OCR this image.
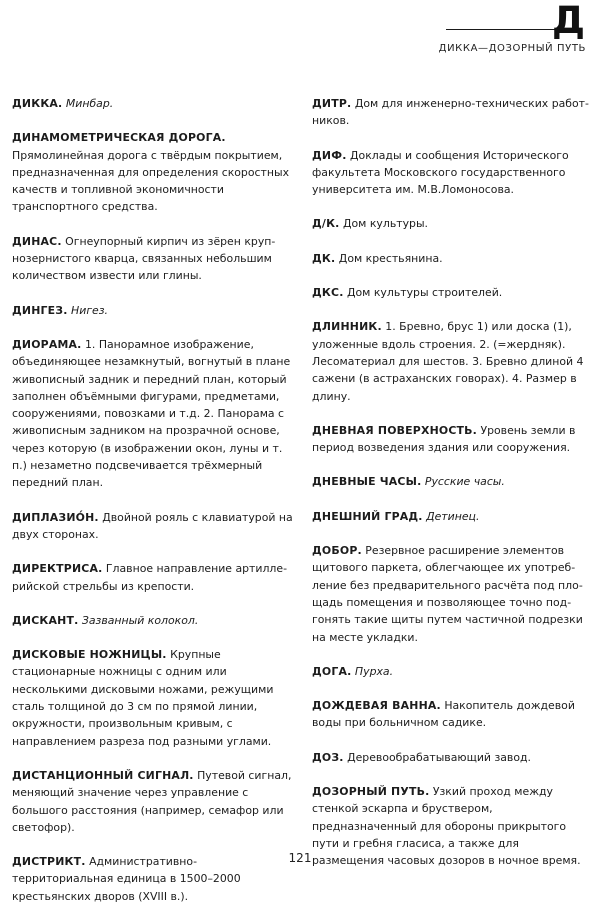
Д
ДИККА—ДОЗОРНЫЙ ПУТЬ

ДИККА. Минбар.

ДИНАМОМЕТРИЧЕСКАЯ ДОРОГА. Прямолинейная дорога с твёрдым покрытием, предназначенная для определения скоростных качеств и топливной экономичности транспортного средства.

ДИНАС. Огнеупорный кирпич из зёрен крупнозернистого кварца, связанных небольшим количеством извести или глины.

ДИНГЕЗ. Нигез.

ДИОРАМА. 1. Панорамное изображение, объединяющее незамкнутый, вогнутый в плане живописный задник и передний план, который заполнен объёмными фигурами, предметами, сооружениями, повозками и т.д. 2. Панорама с живописным задником на прозрачной основе, через которую (в изображении окон, луны и т. п.) незаметно подсвечивается трёхмерный передний план.

ДИПЛАЗИО́Н. Двойной рояль с клавиатурой на двух сторонах.

ДИРЕКТРИСА. Главное направление артиллерийской стрельбы из крепости.

ДИСКАНТ. Зазванный колокол.

ДИСКОВЫЕ НОЖНИЦЫ. Крупные стационарные ножницы с одним или несколькими дисковыми ножами, режущими сталь толщиной до 3 см по прямой линии, окружности, произвольным кривым, с направлением разреза под разными углами.

ДИСТАНЦИОННЫЙ СИГНАЛ. Путевой сигнал, меняющий значение через управление с большого расстояния (например, семафор или светофор).

ДИСТРИКТ. Административно-территориальная единица в 1500–2000 крестьянских дворов (XVIII в.).

ДИТР. Дом для инженерно-технических работников.

ДИФ. Доклады и сообщения Исторического факультета Московского государственного университета им. М.В.Ломоносова.

Д/К. Дом культуры.

ДК. Дом крестьянина.

ДКС. Дом культуры строителей.

ДЛИННИК. 1. Бревно, брус 1) или доска (1), уложенные вдоль строения. 2. (=жердняк). Лесоматериал для шестов. 3. Бревно длиной 4 сажени (в астраханских говорах). 4. Размер в длину.

ДНЕВНАЯ ПОВЕРХНОСТЬ. Уровень земли в период возведения здания или сооружения.

ДНЕВНЫЕ ЧАСЫ. Русские часы.

ДНЕШНИЙ ГРАД. Детинец.

ДОБОР. Резервное расширение элементов щитового паркета, облегчающее их употребление без предварительного расчёта под площадь помещения и позволяющее точно подгонять такие щиты путем частичной подрезки на месте укладки.

ДОГА. Пурха.

ДОЖДЕВАЯ ВАННА. Накопитель дождевой воды при больничном садике.

ДОЗ. Деревообрабатывающий завод.

ДОЗОРНЫЙ ПУТЬ. Узкий проход между стенкой эскарпа и бруствером, предназначенный для обороны прикрытого пути и гребня гласиса, а также для размещения часовых дозоров в ночное время.

121
